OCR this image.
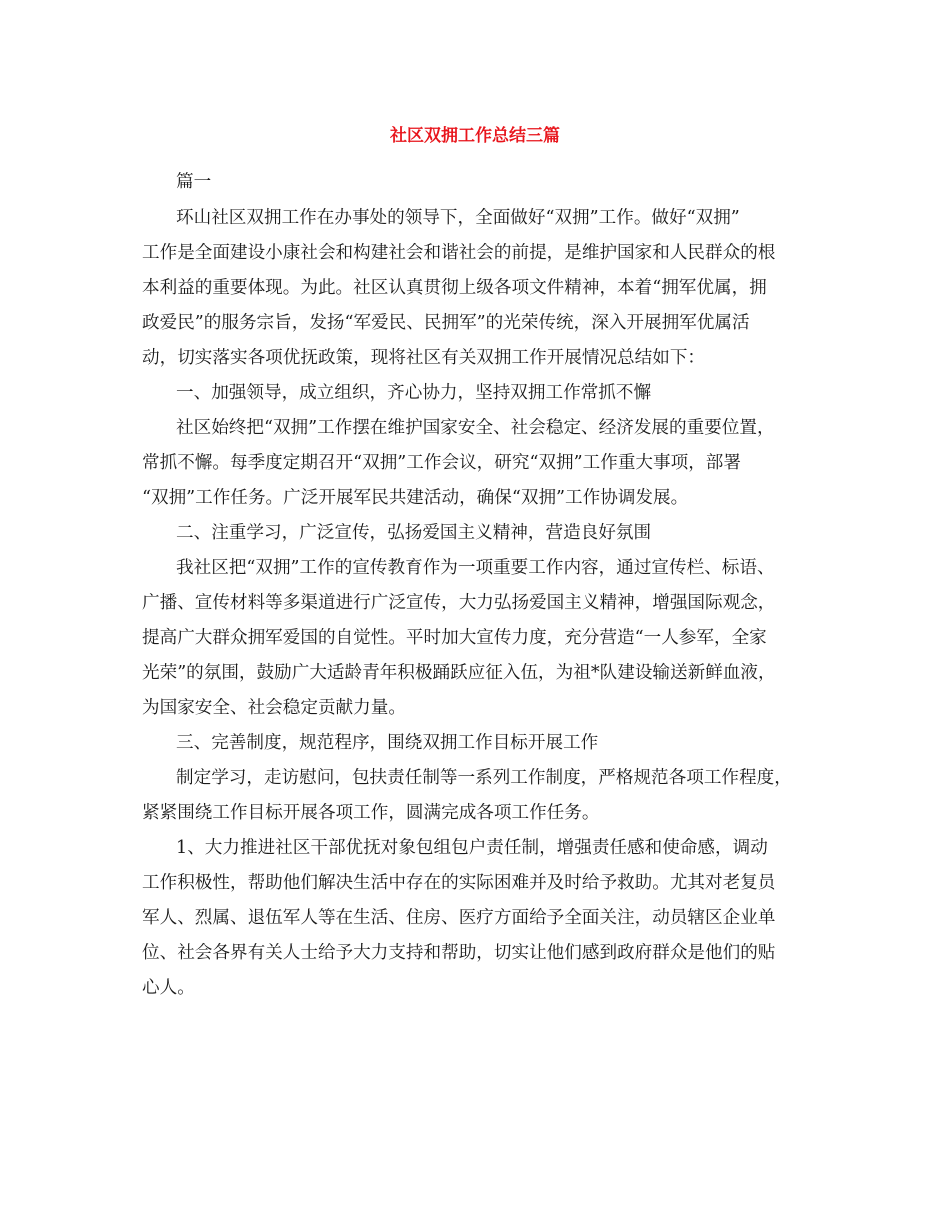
社区双拥工作总结三篇
篇一
环山社区双拥工作在办事处的领导下，全面做好“双拥”工作。做好“双拥”
工作是全面建设小康社会和构建社会和谐社会的前提，是维护国家和人民群众的根
本利益的重要体现。为此。社区认真贯彻上级各项文件精神，本着“拥军优属，拥
政爱民”的服务宗旨，发扬“军爱民、民拥军”的光荣传统，深入开展拥军优属活
动，切实落实各项优抚政策，现将社区有关双拥工作开展情况总结如下：
一、加强领导，成立组织，齐心协力，坚持双拥工作常抓不懈
社区始终把“双拥”工作摆在维护国家安全、社会稳定、经济发展的重要位置，
常抓不懈。每季度定期召开“双拥”工作会议，研究“双拥”工作重大事项，部署
“双拥”工作任务。广泛开展军民共建活动，确保“双拥”工作协调发展。
二、注重学习，广泛宣传，弘扬爱国主义精神，营造良好氛围
我社区把“双拥”工作的宣传教育作为一项重要工作内容，通过宣传栏、标语、
广播、宣传材料等多渠道进行广泛宣传，大力弘扬爱国主义精神，增强国际观念，
提高广大群众拥军爱国的自觉性。平时加大宣传力度，充分营造“一人参军，全家
光荣”的氛围，鼓励广大适龄青年积极踊跃应征入伍，为祖*队建设输送新鲜血液，
为国家安全、社会稳定贡献力量。
三、完善制度，规范程序，围绕双拥工作目标开展工作
制定学习，走访慰问，包扶责任制等一系列工作制度，严格规范各项工作程度，
紧紧围绕工作目标开展各项工作，圆满完成各项工作任务。
1、大力推进社区干部优抚对象包组包户责任制，增强责任感和使命感，调动
工作积极性，帮助他们解决生活中存在的实际困难并及时给予救助。尤其对老复员
军人、烈属、退伍军人等在生活、住房、医疗方面给予全面关注，动员辖区企业单
位、社会各界有关人士给予大力支持和帮助，切实让他们感到政府群众是他们的贴
心人。
